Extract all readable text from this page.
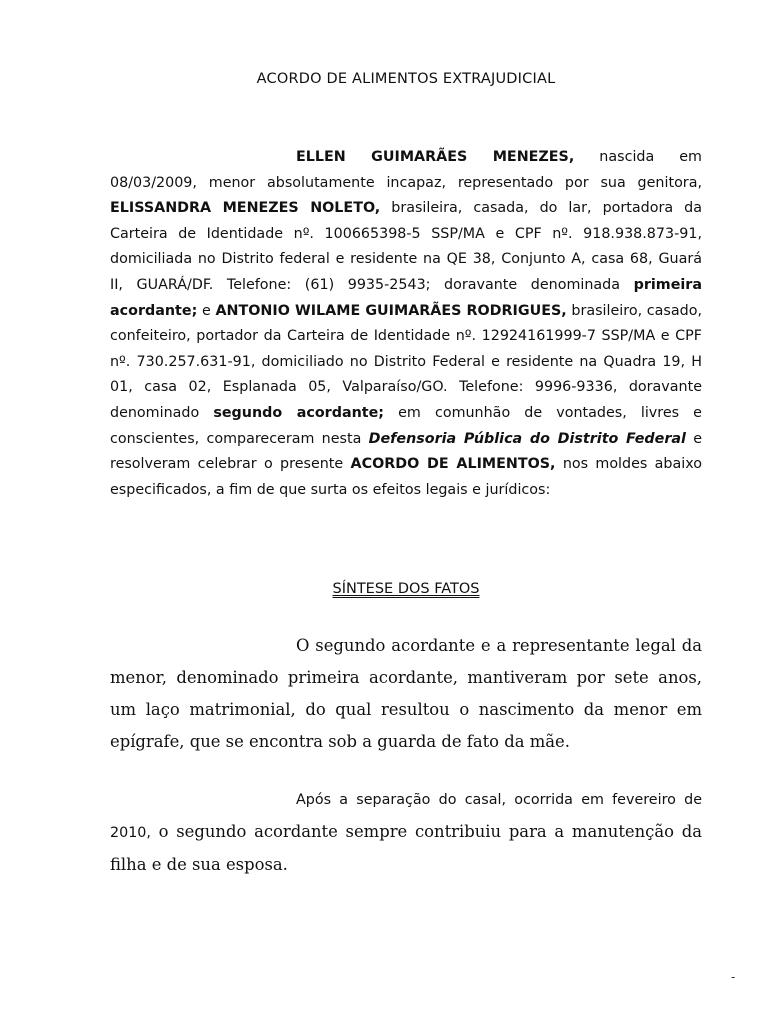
ACORDO DE ALIMENTOS EXTRAJUDICIAL

ELLEN GUIMARÃES MENEZES, nascida em 08/03/2009, menor absolutamente incapaz, representado por sua genitora, ELISSANDRA MENEZES NOLETO, brasileira, casada, do lar, portadora da Carteira de Identidade nº. 100665398-5 SSP/MA e CPF nº. 918.938.873-91, domiciliada no Distrito federal e residente na QE 38, Conjunto A, casa 68, Guará II, GUARÁ/DF. Telefone: (61) 9935-2543; doravante denominada primeira acordante; e ANTONIO WILAME GUIMARÃES RODRIGUES, brasileiro, casado, confeiteiro, portador da Carteira de Identidade nº. 12924161999-7 SSP/MA e CPF nº. 730.257.631-91, domiciliado no Distrito Federal e residente na Quadra 19, H 01, casa 02, Esplanada 05, Valparaíso/GO. Telefone: 9996-9336, doravante denominado segundo acordante; em comunhão de vontades, livres e conscientes, compareceram nesta Defensoria Pública do Distrito Federal e resolveram celebrar o presente ACORDO DE ALIMENTOS, nos moldes abaixo especificados, a fim de que surta os efeitos legais e jurídicos:

SÍNTESE DOS FATOS

O segundo acordante e a representante legal da menor, denominado primeira acordante, mantiveram por sete anos, um laço matrimonial, do qual resultou o nascimento da menor em epígrafe, que se encontra sob a guarda de fato da mãe.

Após a separação do casal, ocorrida em fevereiro de 2010, o segundo acordante sempre contribuiu para a manutenção da filha e de sua esposa.

-
